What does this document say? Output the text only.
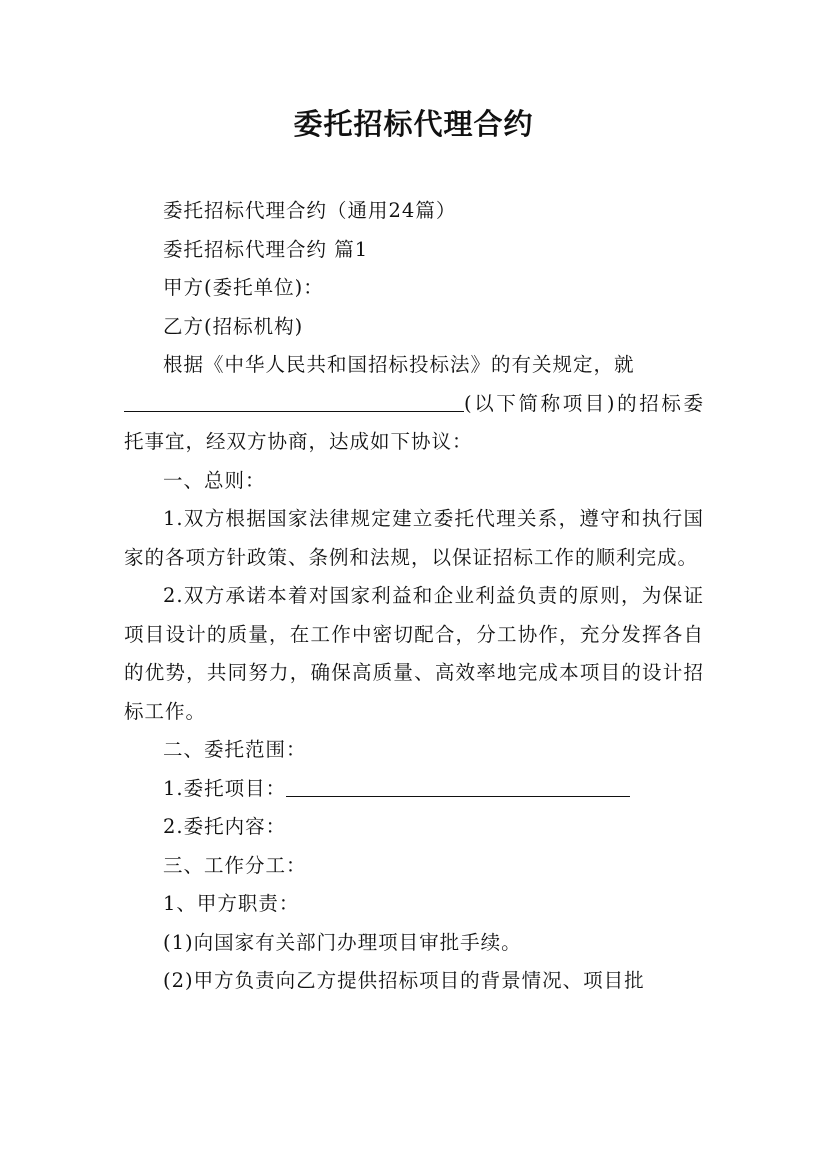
委托招标代理合约

委托招标代理合约（通用24篇）

委托招标代理合约 篇1

甲方(委托单位)：

乙方(招标机构)

根据《中华人民共和国招标投标法》的有关规定，就

(以下简称项目)的招标委托事宜，经双方协商，达成如下协议：

一、总则：

1.双方根据国家法律规定建立委托代理关系，遵守和执行国家的各项方针政策、条例和法规，以保证招标工作的顺利完成。

2.双方承诺本着对国家利益和企业利益负责的原则，为保证项目设计的质量，在工作中密切配合，分工协作，充分发挥各自的优势，共同努力，确保高质量、高效率地完成本项目的设计招标工作。

二、委托范围：

1.委托项目：

2.委托内容：

三、工作分工：

1、甲方职责：

(1)向国家有关部门办理项目审批手续。

(2)甲方负责向乙方提供招标项目的背景情况、项目批
